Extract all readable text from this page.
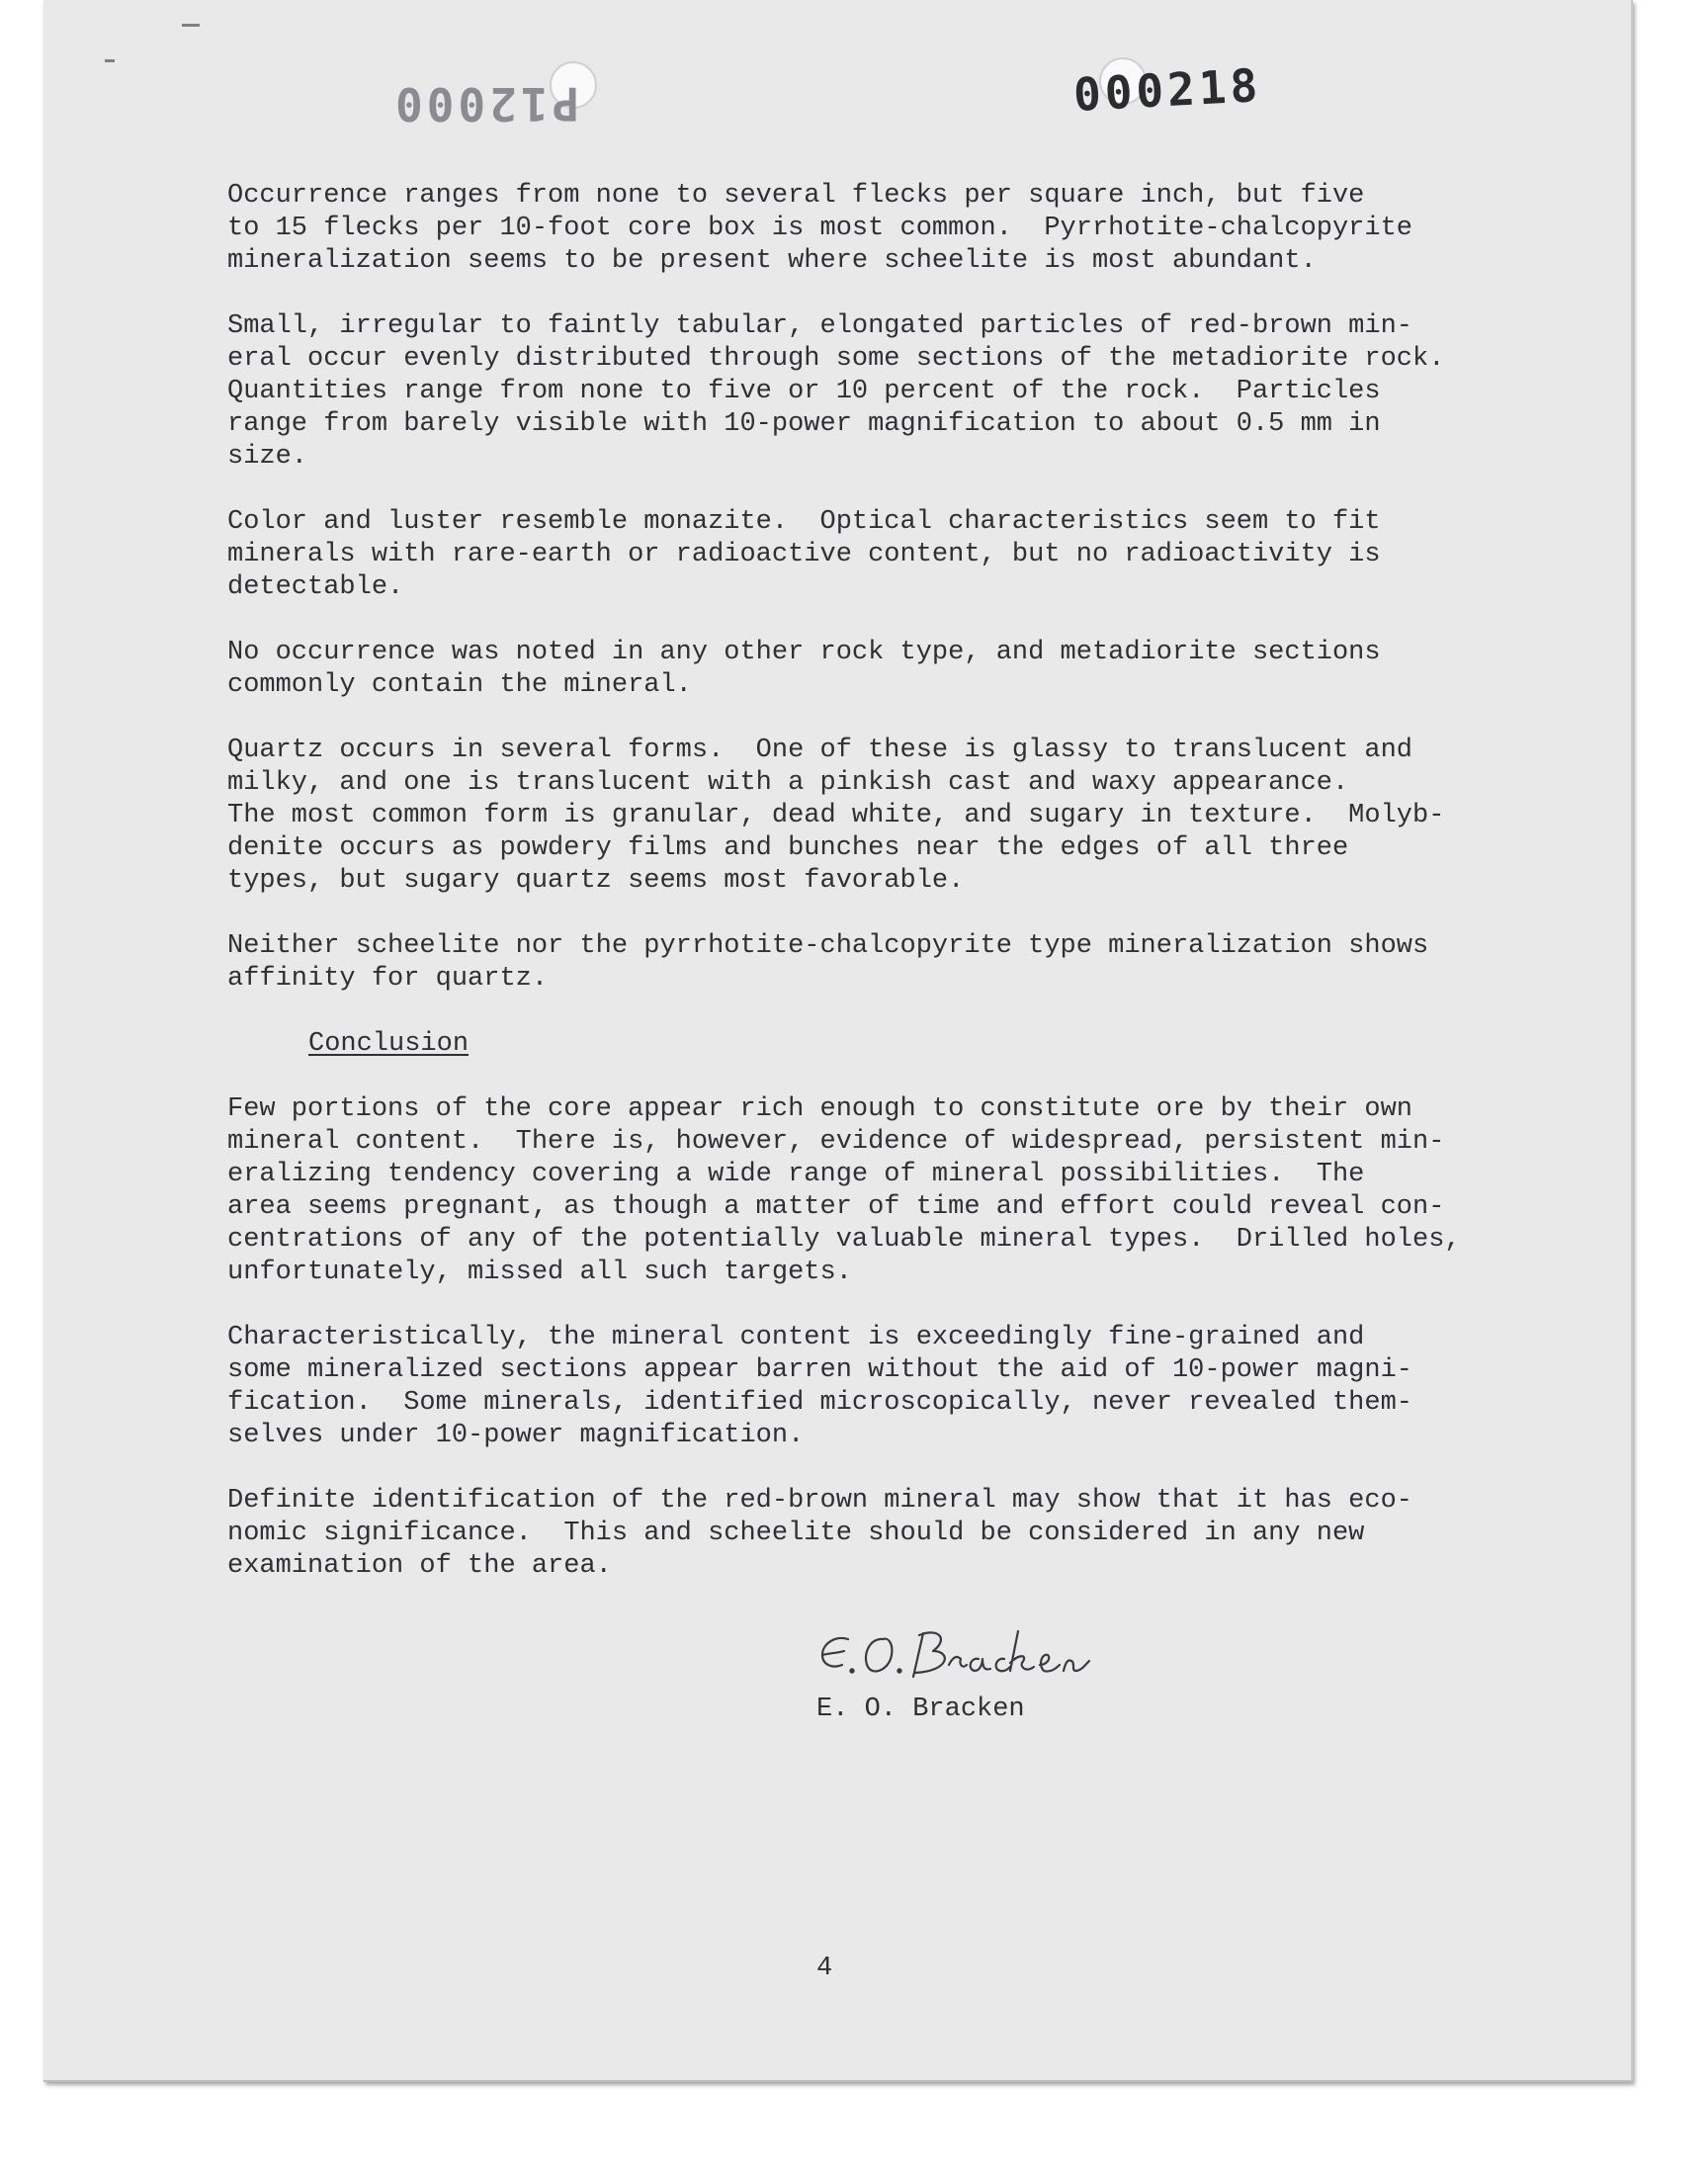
P12000	000218

Occurrence ranges from none to several flecks per square inch, but five
to 15 flecks per 10-foot core box is most common.  Pyrrhotite-chalcopyrite
mineralization seems to be present where scheelite is most abundant.

Small, irregular to faintly tabular, elongated particles of red-brown min-
eral occur evenly distributed through some sections of the metadiorite rock.
Quantities range from none to five or 10 percent of the rock.  Particles
range from barely visible with 10-power magnification to about 0.5 mm in
size.

Color and luster resemble monazite.  Optical characteristics seem to fit
minerals with rare-earth or radioactive content, but no radioactivity is
detectable.

No occurrence was noted in any other rock type, and metadiorite sections
commonly contain the mineral.

Quartz occurs in several forms.  One of these is glassy to translucent and
milky, and one is translucent with a pinkish cast and waxy appearance.
The most common form is granular, dead white, and sugary in texture.  Molyb-
denite occurs as powdery films and bunches near the edges of all three
types, but sugary quartz seems most favorable.

Neither scheelite nor the pyrrhotite-chalcopyrite type mineralization shows
affinity for quartz.

Conclusion

Few portions of the core appear rich enough to constitute ore by their own
mineral content.  There is, however, evidence of widespread, persistent min-
eralizing tendency covering a wide range of mineral possibilities.  The
area seems pregnant, as though a matter of time and effort could reveal con-
centrations of any of the potentially valuable mineral types.  Drilled holes,
unfortunately, missed all such targets.

Characteristically, the mineral content is exceedingly fine-grained and
some mineralized sections appear barren without the aid of 10-power magni-
fication.  Some minerals, identified microscopically, never revealed them-
selves under 10-power magnification.

Definite identification of the red-brown mineral may show that it has eco-
nomic significance.  This and scheelite should be considered in any new
examination of the area.

E. O. Bracken
4
